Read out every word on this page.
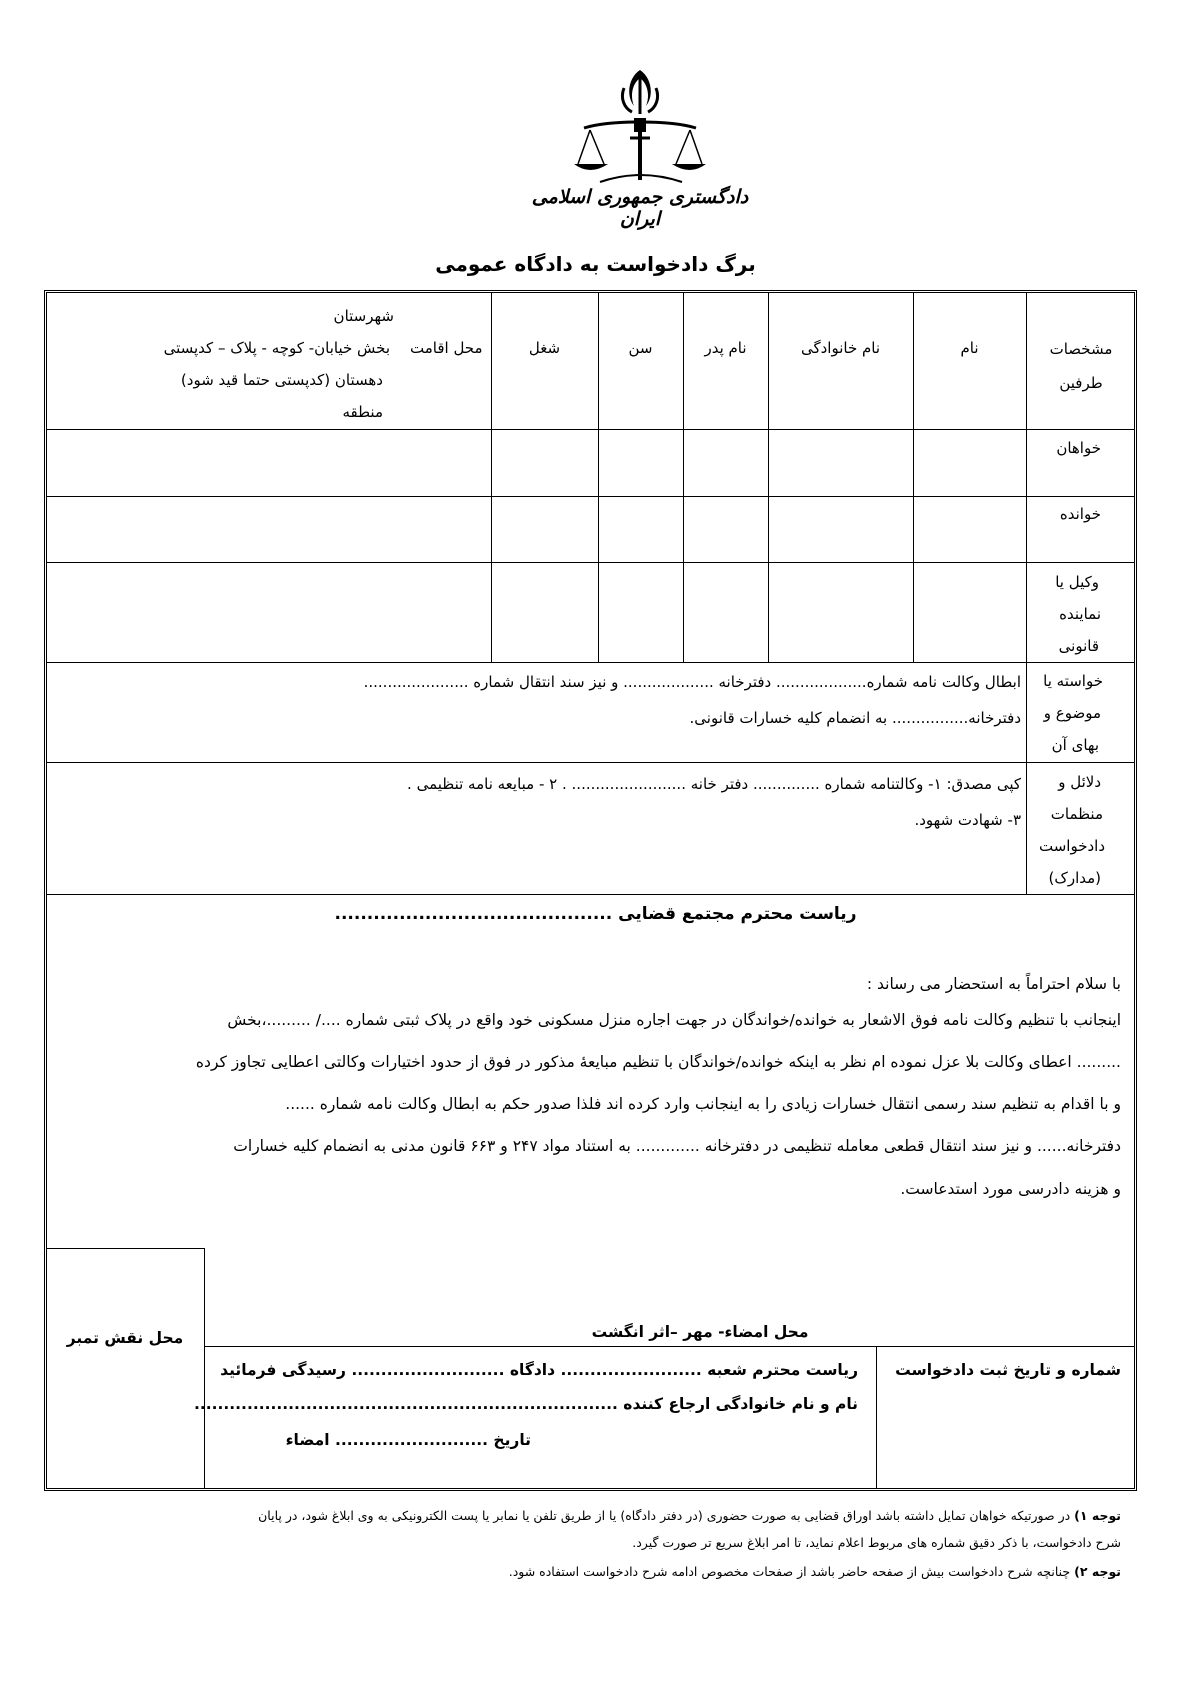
دادگستری جمهوری اسلامی ایران
برگ دادخواست به دادگاه عمومی
مشخصات طرفین
نام
نام خانوادگی
نام پدر
سن
شغل
محل اقامت
شهرستان
بخش خیابان- کوچه - پلاک – کدپستی
دهستان (کدپستی حتما قید شود)
منطقه
خواهان
خوانده
وکیل یا
نماینده
قانونی
خواسته یا
موضوع و
بهای آن
ابطال وکالت نامه شماره................... دفترخانه ................... و نیز سند انتقال شماره ......................
دفترخانه................ به انضمام کلیه خسارات قانونی.
دلائل و
منظمات
دادخواست
(مدارک)
کپی مصدق: ۱- وکالتنامه شماره .............. دفتر خانه ........................ . ۲ - مبایعه نامه تنظیمی .
۳- شهادت شهود.
ریاست محترم مجتمع قضایی ...........................................
با سلام احتراماً به استحضار می رساند :
اینجانب با تنظیم وکالت نامه فوق الاشعار به خوانده/خواندگان در جهت اجاره منزل مسکونی خود واقع در پلاک ثبتی شماره ..../ .........،بخش
......... اعطای وکالت بلا عزل نموده ام نظر به اینکه خوانده/خواندگان با تنظیم مبایعهٔ مذکور در فوق از حدود اختیارات وکالتی اعطایی تجاوز کرده
و با اقدام به تنظیم سند رسمی انتقال خسارات زیادی را به اینجانب وارد کرده اند فلذا صدور حکم به ابطال وکالت نامه شماره ......
دفترخانه...... و نیز سند انتقال قطعی معامله تنظیمی در دفترخانه ............. به استناد مواد ۲۴۷ و ۶۶۳ قانون مدنی به انضمام کلیه خسارات
و هزینه دادرسی مورد استدعاست.
محل نقش تمبر	محل امضاء- مهر –اثر انگشت
شماره و تاریخ ثبت دادخواست
ریاست محترم شعبه ........................ دادگاه .......................... رسیدگی فرمائید
نام و نام خانوادگی ارجاع کننده ........................................................................
تاریخ .......................... امضاء
توجه ۱) در صورتیکه خواهان تمایل داشته باشد اوراق قضایی به صورت حضوری (در دفتر دادگاه) یا از طریق تلفن یا نمابر یا پست الکترونیکی به وی ابلاغ شود، در پایان
شرح دادخواست، با ذکر دقیق شماره های مربوط اعلام نماید، تا امر ابلاغ سریع تر صورت گیرد.
توجه ۲) چنانچه شرح دادخواست بیش از صفحه حاضر باشد از صفحات مخصوص ادامه شرح دادخواست استفاده شود.
